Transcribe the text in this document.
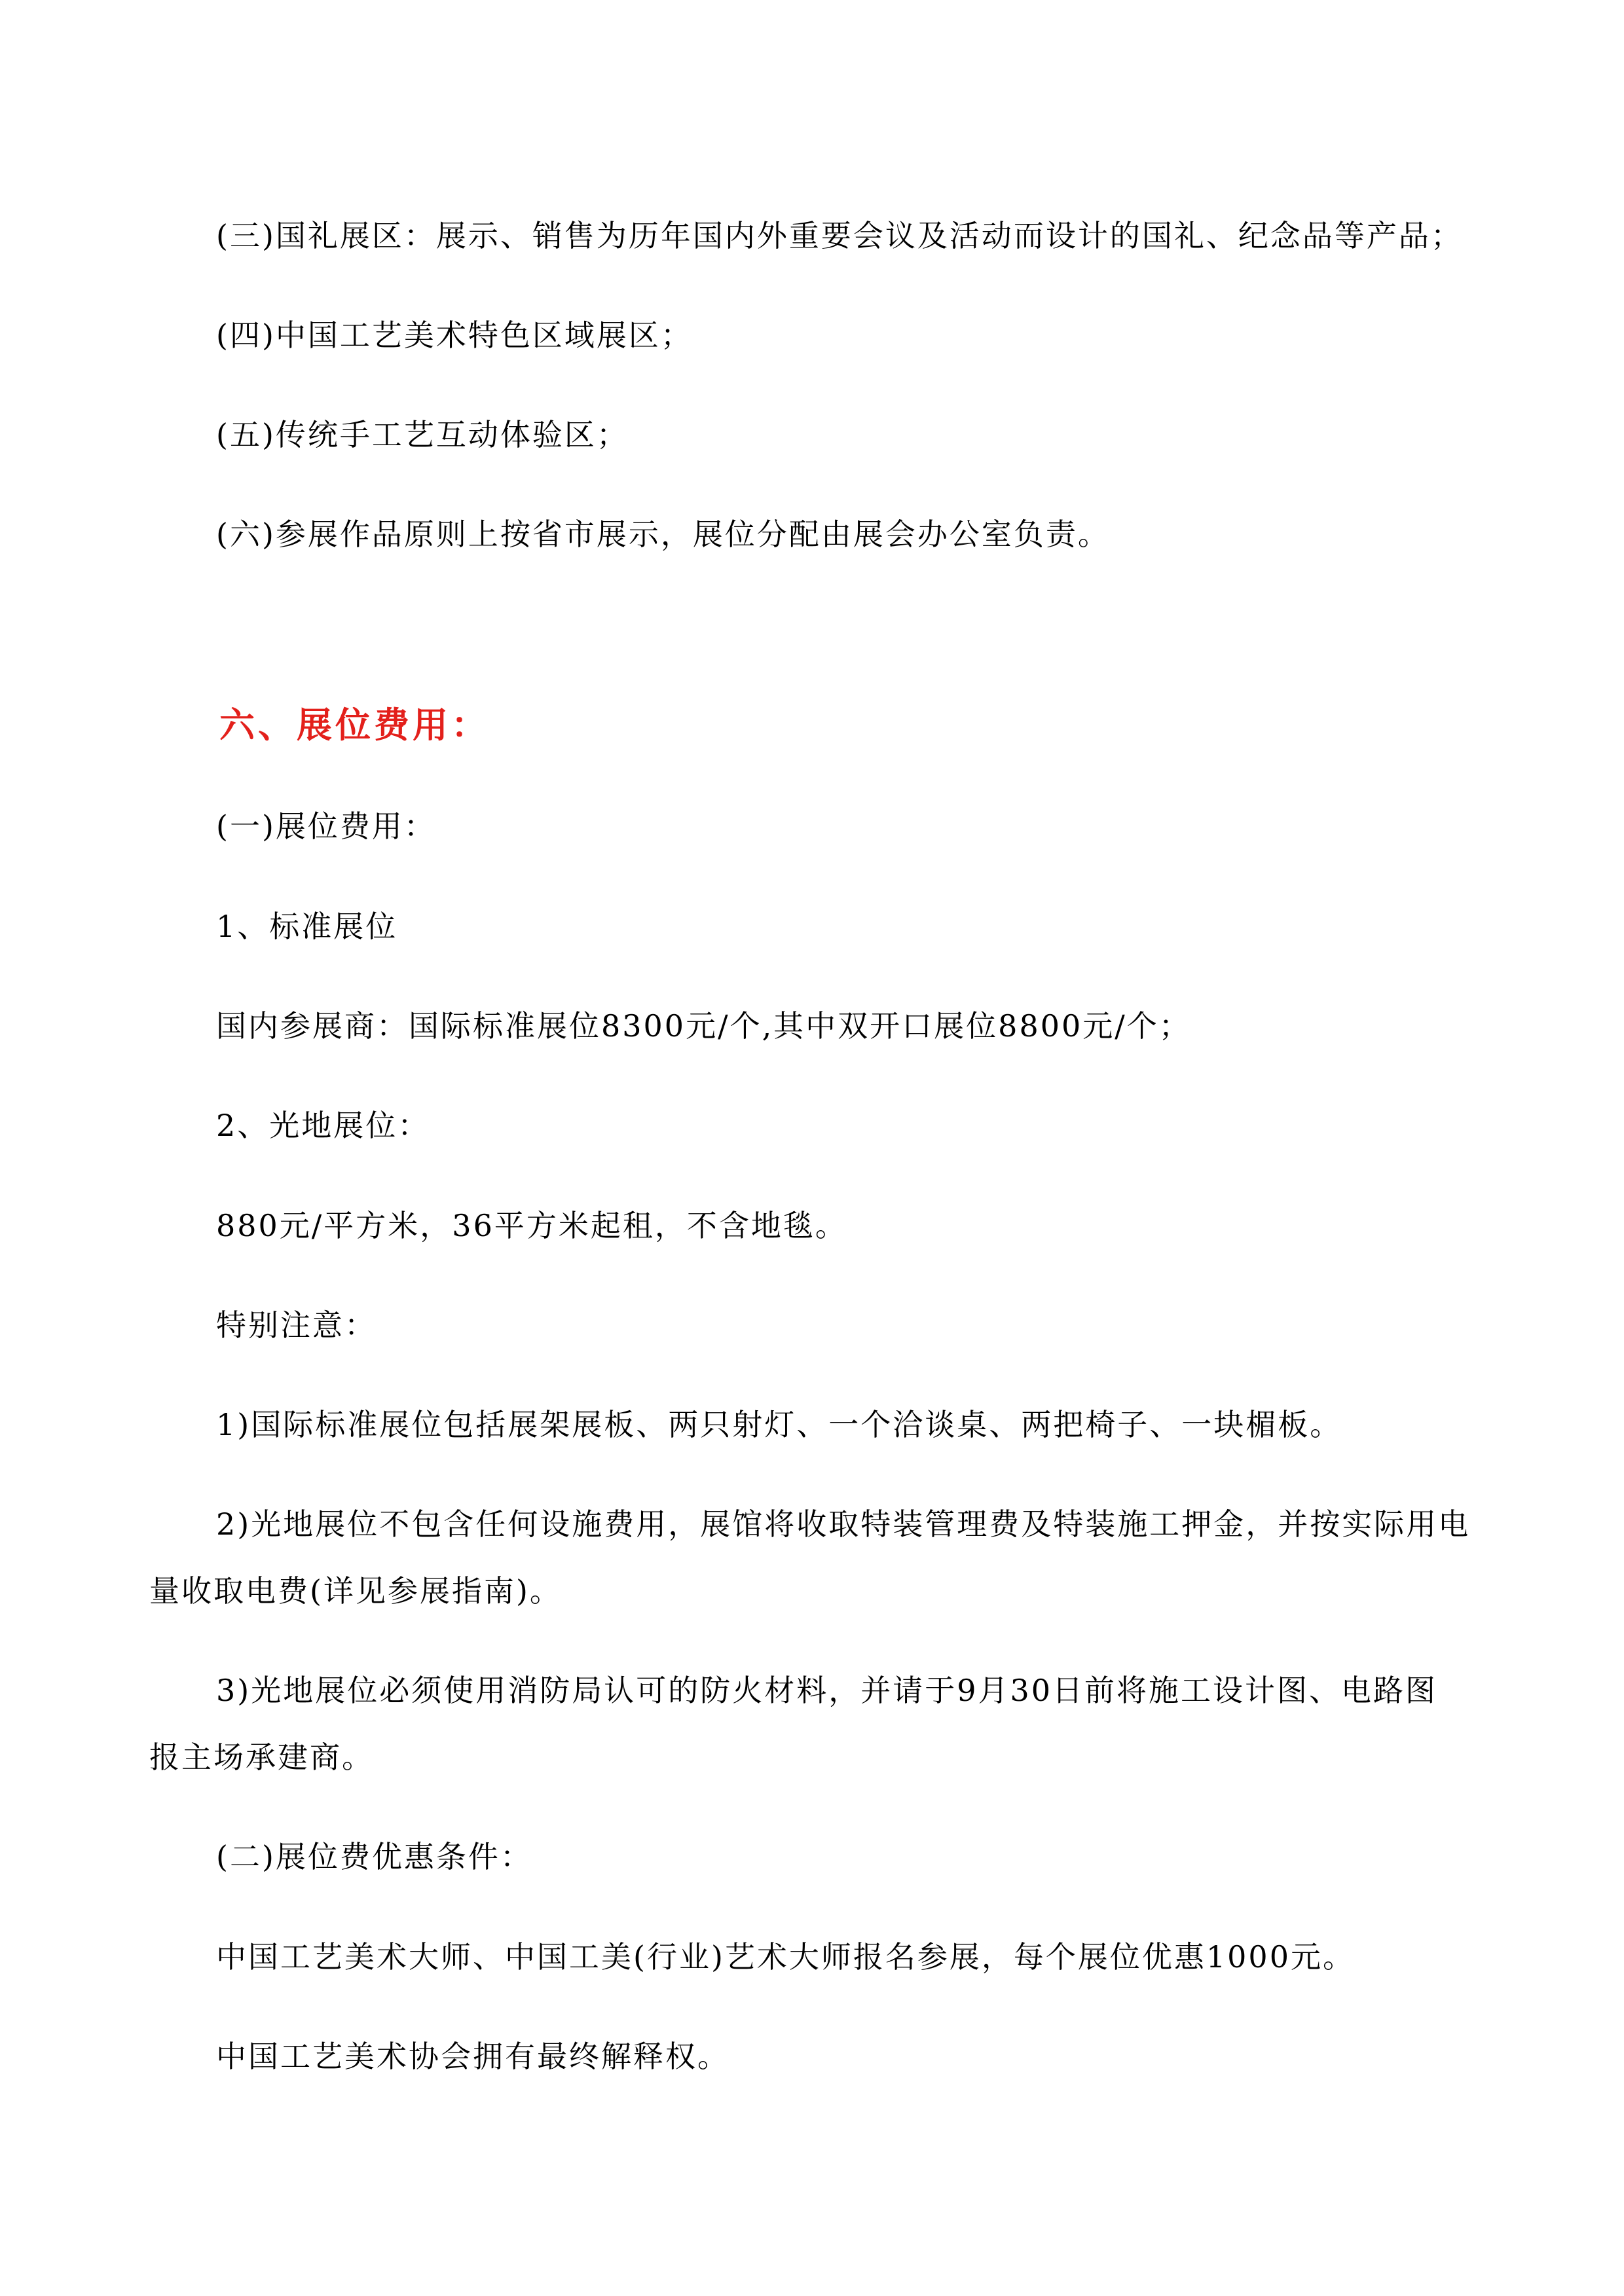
(三)国礼展区：展示、销售为历年国内外重要会议及活动而设计的国礼、纪念品等产品；

(四)中国工艺美术特色区域展区；

(五)传统手工艺互动体验区；

(六)参展作品原则上按省市展示，展位分配由展会办公室负责。

六、展位费用：

(一)展位费用：

1、标准展位

国内参展商：国际标准展位8300元/个,其中双开口展位8800元/个；

2、光地展位：

880元/平方米，36平方米起租，不含地毯。

特别注意：

1)国际标准展位包括展架展板、两只射灯、一个洽谈桌、两把椅子、一块楣板。

2)光地展位不包含任何设施费用，展馆将收取特装管理费及特装施工押金，并按实际用电

量收取电费(详见参展指南)。

3)光地展位必须使用消防局认可的防火材料，并请于9月30日前将施工设计图、电路图

报主场承建商。

(二)展位费优惠条件：

中国工艺美术大师、中国工美(行业)艺术大师报名参展，每个展位优惠1000元。

中国工艺美术协会拥有最终解释权。
